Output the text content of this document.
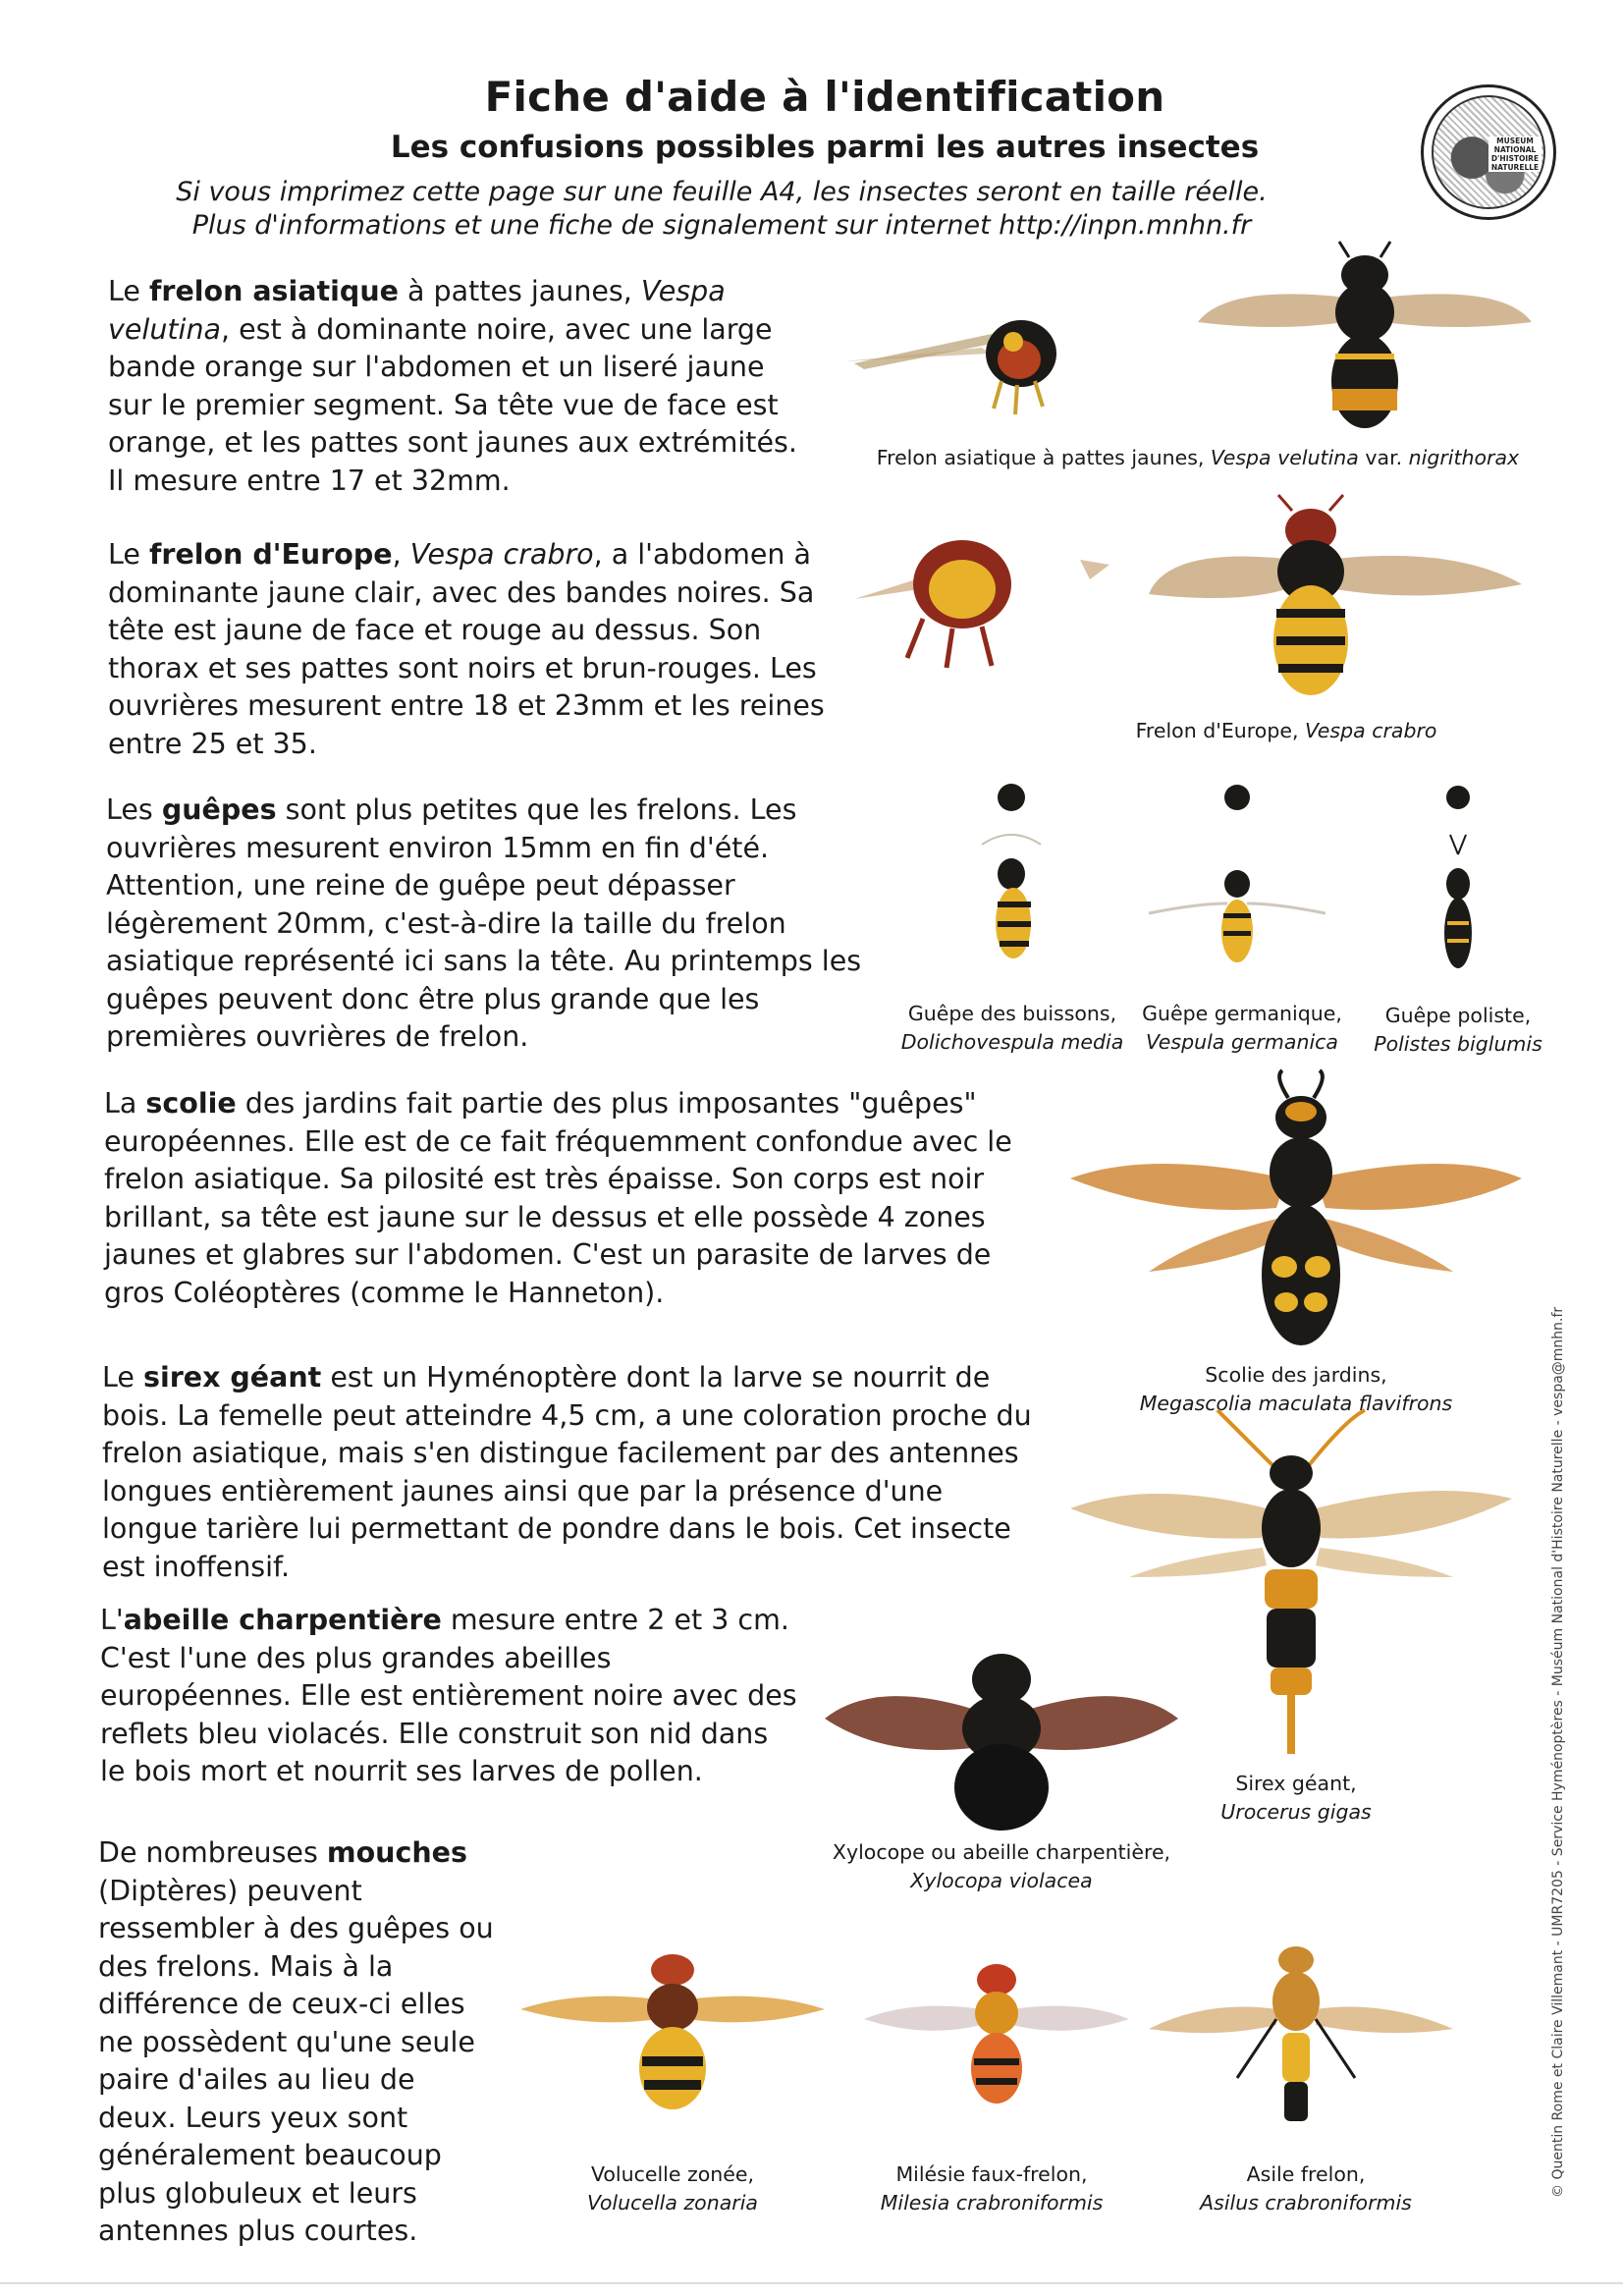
Fiche d'aide à l'identification
Les confusions possibles parmi les autres insectes
Si vous imprimez cette page sur une feuille A4, les insectes seront en taille réelle.
Plus d'informations et une fiche de signalement sur internet http://inpn.mnhn.fr
MUSEUM NATIONAL D'HISTOIRE NATURELLE
Le frelon asiatique à pattes jaunes, Vespa velutina, est à dominante noire, avec une large bande orange sur l'abdomen et un liseré jaune sur le premier segment. Sa tête vue de face est orange, et les pattes sont jaunes aux extrémités. Il mesure entre 17 et 32mm.
Le frelon d'Europe, Vespa crabro, a l'abdomen à dominante jaune clair, avec des bandes noires. Sa tête est jaune de face et rouge au dessus. Son thorax et ses pattes sont noirs et brun-rouges. Les ouvrières mesurent entre 18 et 23mm et les reines entre 25 et 35.
Les guêpes sont plus petites que les frelons. Les ouvrières mesurent environ 15mm en fin d'été. Attention, une reine de guêpe peut dépasser légèrement 20mm, c'est-à-dire la taille du frelon asiatique représenté ici sans la tête. Au printemps les guêpes peuvent donc être plus grande que les premières ouvrières de frelon.
La scolie des jardins fait partie des plus imposantes "guêpes" européennes. Elle est de ce fait fréquemment confondue avec le frelon asiatique. Sa pilosité est très épaisse. Son corps est noir brillant, sa tête est jaune sur le dessus et elle possède 4 zones jaunes et glabres sur l'abdomen. C'est un parasite de larves de gros Coléoptères (comme le Hanneton).
Le sirex géant est un Hyménoptère dont la larve se nourrit de bois. La femelle peut atteindre 4,5 cm, a une coloration proche du frelon asiatique, mais s'en distingue facilement par des antennes longues entièrement jaunes ainsi que par la présence d'une longue tarière lui permettant de pondre dans le bois. Cet insecte est inoffensif.
L'abeille charpentière mesure entre 2 et 3 cm. C'est l'une des plus grandes abeilles européennes. Elle est entièrement noire avec des reflets bleu violacés. Elle construit son nid dans le bois mort et nourrit ses larves de pollen.
De nombreuses mouches (Diptères) peuvent ressembler à des guêpes ou des frelons. Mais à la différence de ceux-ci elles ne possèdent qu'une seule paire d'ailes au lieu de deux. Leurs yeux sont généralement beaucoup plus globuleux et leurs antennes plus courtes.
Frelon asiatique à pattes jaunes, Vespa velutina var. nigrithorax
Frelon d'Europe, Vespa crabro
Guêpe des buissons,
Dolichovespula media
Guêpe germanique,
Vespula germanica
Guêpe poliste,
Polistes biglumis
Scolie des jardins,
Megascolia maculata flavifrons
Sirex géant,
Urocerus gigas
Xylocope ou abeille charpentière,
Xylocopa violacea
Volucelle zonée,
Volucella zonaria
Milésie faux-frelon,
Milesia crabroniformis
Asile frelon,
Asilus crabroniformis
© Quentin Rome et Claire Villemant - UMR7205 - Service Hyménoptères - Muséum National d'Histoire Naturelle - vespa@mnhn.fr
